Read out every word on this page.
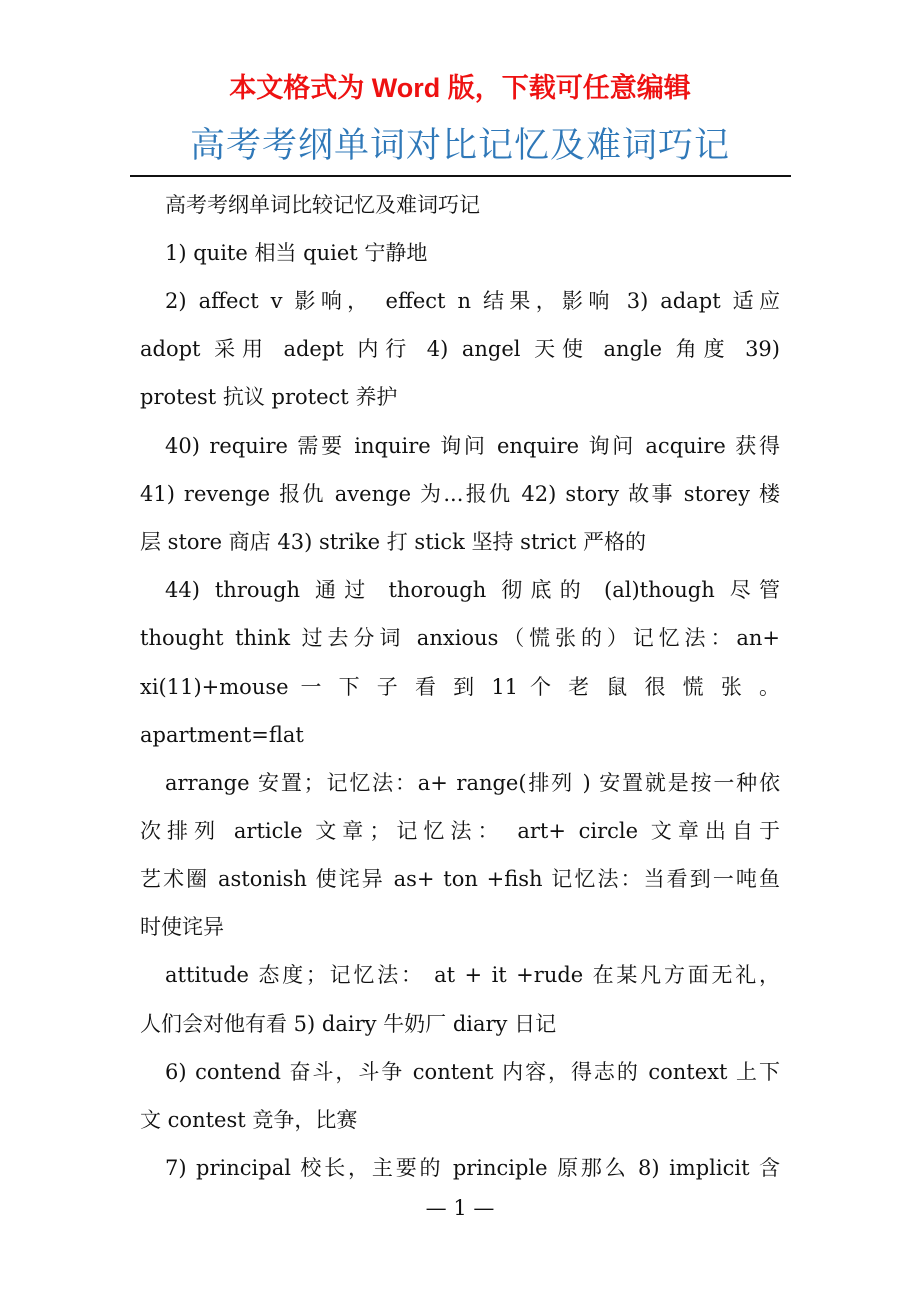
本文格式为 Word 版，下载可任意编辑
高考考纲单词对比记忆及难词巧记
高考考纲单词比较记忆及难词巧记
1) quite 相当 quiet 宁静地
2) affect v 影响， effect n 结果，影响 3) adapt 适应
adopt 采用 adept 内行 4) angel 天使 angle 角度 39)
protest 抗议 protect 养护
40) require 需要 inquire 询问 enquire 询问 acquire 获得
41) revenge 报仇 avenge 为...报仇 42) story 故事 storey 楼
层 store 商店 43) strike 打 stick 坚持 strict 严格的
44) through 通过 thorough 彻底的 (al)though 尽管
thought think 过去分词 anxious（慌张的）记忆法：an+
xi(11)+mouse 一 下 子 看 到 11 个 老 鼠 很 慌 张 。
apartment=flat
arrange 安置；记忆法：a+ range(排列 ) 安置就是按一种依
次排列 article 文章；记忆法： art+ circle 文章出自于
艺术圈 astonish 使诧异 as+ ton +fish 记忆法：当看到一吨鱼
时使诧异
attitude 态度；记忆法： at + it +rude 在某凡方面无礼，
人们会对他有看 5) dairy 牛奶厂 diary 日记
6) contend 奋斗，斗争 content 内容，得志的 context 上下
文 contest 竞争，比赛
7) principal 校长，主要的 principle 原那么 8) implicit 含
— 1 —
